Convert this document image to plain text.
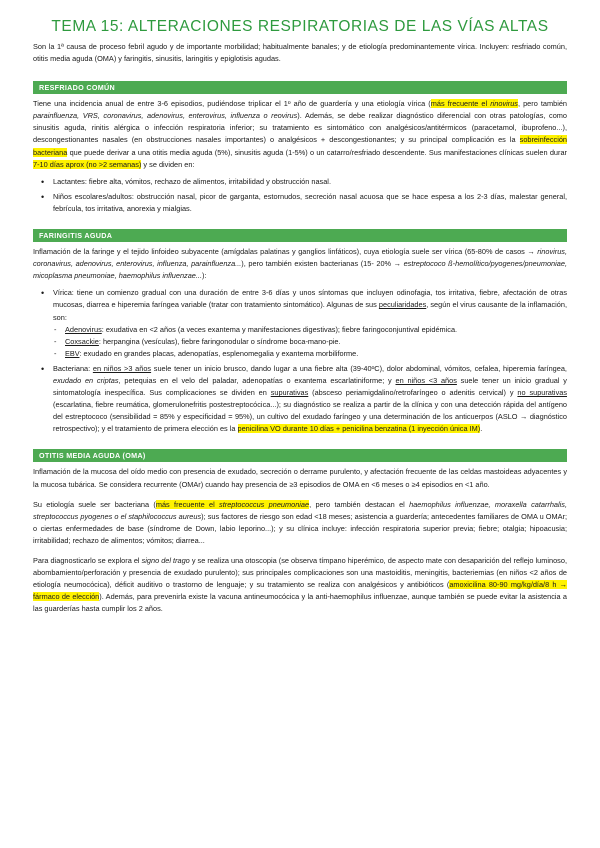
TEMA 15: ALTERACIONES RESPIRATORIAS DE LAS VÍAS ALTAS

Son la 1ª causa de proceso febril agudo y de importante morbilidad; habitualmente banales; y de etiología predominantemente vírica. Incluyen: resfriado común, otitis media aguda (OMA) y faringitis, sinusitis, laringitis y epiglotisis agudas.

RESFRIADO COMÚN

Tiene una incidencia anual de entre 3-6 episodios, pudiéndose triplicar el 1º año de guardería y una etiología vírica (más frecuente el rinovirus, pero también parainfluenza, VRS, coronavirus, adenovirus, enterovirus, influenza o reovirus). Además, se debe realizar diagnóstico diferencial con otras patologías, como sinusitis aguda, rinitis alérgica o infección respiratoria inferior; su tratamiento es sintomático con analgésicos/antitérmicos (paracetamol, ibuprofeno...), descongestionantes nasales (en obstrucciones nasales importantes) o analgésicos + descongestionantes; y su principal complicación es la sobreinfección bacteriana que puede derivar a una otitis media aguda (5%), sinusitis aguda (1-5%) o un catarro/resfriado descendente. Sus manifestaciones clínicas suelen durar 7-10 días aprox (no >2 semanas) y se dividen en:

• Lactantes: fiebre alta, vómitos, rechazo de alimentos, irritabilidad y obstrucción nasal.
• Niños escolares/adultos: obstrucción nasal, picor de garganta, estornudos, secreción nasal acuosa que se hace espesa a los 2-3 días, malestar general, febrícula, tos irritativa, anorexia y mialgias.
FARINGITIS AGUDA

Inflamación de la faringe y el tejido linfoideo subyacente (amígdalas palatinas y ganglios linfáticos), cuya etiología suele ser vírica (65-80% de casos → rinovirus, coronavirus, adenovirus, enterovirus, influenza, parainfluenza...), pero también existen bacterianas (15- 20% → estreptococo ß-hemolítico/pyogenes/pneumoniae, micoplasma pneumoniae, haemophilus influenzae...):

• Vírica: tiene un comienzo gradual con una duración de entre 3-6 días y unos síntomas que incluyen odinofagia, tos irritativa, fiebre, afectación de otras mucosas, diarrea e hiperemia faríngea variable (tratar con tratamiento sintomático). Algunas de sus peculiaridades, según el virus causante de la inflamación, son:
- Adenovirus: exudativa en <2 años (a veces exantema y manifestaciones digestivas); fiebre faringoconjuntival epidémica.
- Coxsackie: herpangina (vesículas), fiebre faringonodular o síndrome boca-mano-pie.
- EBV: exudado en grandes placas, adenopatías, esplenomegalia y exantema morbiliforme.
• Bacteriana: en niños >3 años suele tener un inicio brusco, dando lugar a una fiebre alta (39-40ºC), dolor abdominal, vómitos, cefalea, hiperemia faríngea, exudado en criptas, petequias en el velo del paladar, adenopatías o exantema escarlatiniforme; y en niños <3 años suele tener un inicio gradual y sintomatología inespecífica. Sus complicaciones se dividen en supurativas (absceso periamigdalino/retrofaríngeo o adenitis cervical) y no supurativas (escarlatina, fiebre reumática, glomerulonefritis postestreptocócica...); su diagnóstico se realiza a partir de la clínica y con una detección rápida del antígeno del estreptococo (sensibilidad = 85% y especificidad = 95%), un cultivo del exudado faríngeo y una determinación de los anticuerpos (ASLO → diagnóstico retrospectivo); y el tratamiento de primera elección es la penicilina VO durante 10 días + penicilina benzatina (1 inyección única IM).
OTITIS MEDIA AGUDA (OMA)

Inflamación de la mucosa del oído medio con presencia de exudado, secreción o derrame purulento, y afectación frecuente de las celdas mastoideas adyacentes y la mucosa tubárica. Se considera recurrente (OMAr) cuando hay presencia de ≥3 episodios de OMA en <6 meses o ≥4 episodios en <1 año.

Su etiología suele ser bacteriana (más frecuente el streptococcus pneumoniae, pero también destacan el haemophilus influenzae, moraxella catarrhalis, streptococcus pyogenes o el staphilococcus aureus); sus factores de riesgo son edad <18 meses; asistencia a guardería; antecedentes familiares de OMA u OMAr; o ciertas enfermedades de base (síndrome de Down, labio leporino...); y su clínica incluye: infección respiratoria superior previa; fiebre; otalgia; hipoacusia; irritabilidad; rechazo de alimentos; vómitos; diarrea...

Para diagnosticarlo se explora el signo del trago y se realiza una otoscopia (se observa tímpano hiperémico, de aspecto mate con desaparición del reflejo luminoso, abombamiento/perforación y presencia de exudado purulento); sus principales complicaciones son una mastoiditis, meningitis, bacteriemias (en niños <2 años de etiología neumocócica), déficit auditivo o trastorno de lenguaje; y su tratamiento se realiza con analgésicos y antibióticos (amoxicilina 80-90 mg/kg/día/8 h → fármaco de elección). Además, para prevenirla existe la vacuna antineumocócica y la anti-haemophilus influenzae, aunque también se puede evitar la asistencia a las guarderías hasta cumplir los 2 años.
